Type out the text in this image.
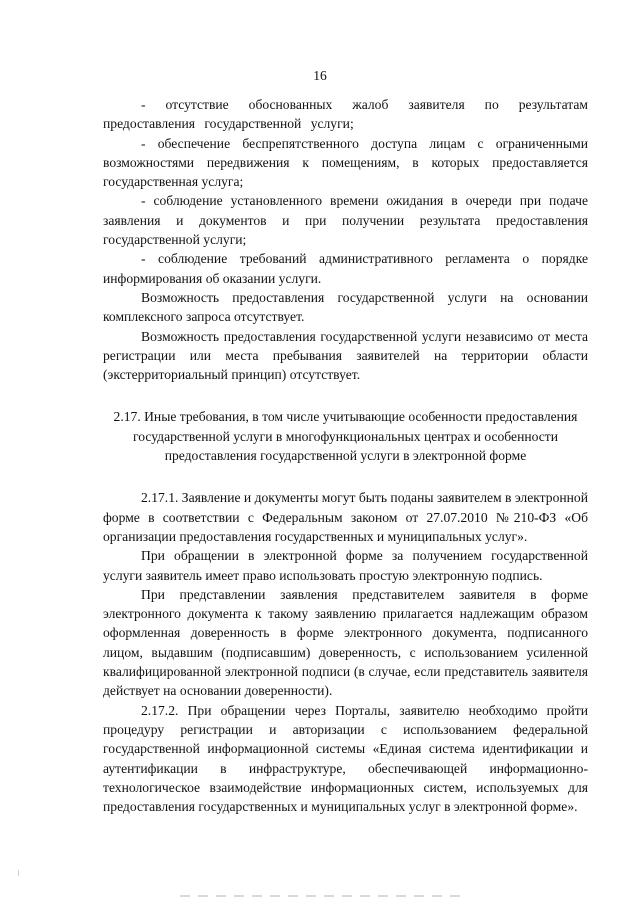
16

- отсутствие обоснованных жалоб заявителя по результатам предоставления государственной услуги;

- обеспечение беспрепятственного доступа лицам с ограниченными возможностями передвижения к помещениям, в которых предоставляется государственная услуга;

- соблюдение установленного времени ожидания в очереди при подаче заявления и документов и при получении результата предоставления государственной услуги;

- соблюдение требований административного регламента о порядке информирования об оказании услуги.

Возможность предоставления государственной услуги на основании комплексного запроса отсутствует.

Возможность предоставления государственной услуги независимо от места регистрации или места пребывания заявителей на территории области (экстерриториальный принцип) отсутствует.

2.17. Иные требования, в том числе учитывающие особенности предоставления государственной услуги в многофункциональных центрах и особенности предоставления государственной услуги в электронной форме

2.17.1. Заявление и документы могут быть поданы заявителем в электронной форме в соответствии с Федеральным законом от 27.07.2010 №210-ФЗ «Об организации предоставления государственных и муниципальных услуг».

При обращении в электронной форме за получением государственной услуги заявитель имеет право использовать простую электронную подпись.

При представлении заявления представителем заявителя в форме электронного документа к такому заявлению прилагается надлежащим образом оформленная доверенность в форме электронного документа, подписанного лицом, выдавшим (подписавшим) доверенность, с использованием усиленной квалифицированной электронной подписи (в случае, если представитель заявителя действует на основании доверенности).

2.17.2. При обращении через Порталы, заявителю необходимо пройти процедуру регистрации и авторизации с использованием федеральной государственной информационной системы «Единая система идентификации и аутентификации в инфраструктуре, обеспечивающей информационно-технологическое взаимодействие информационных систем, используемых для предоставления государственных и муниципальных услуг в электронной форме».
